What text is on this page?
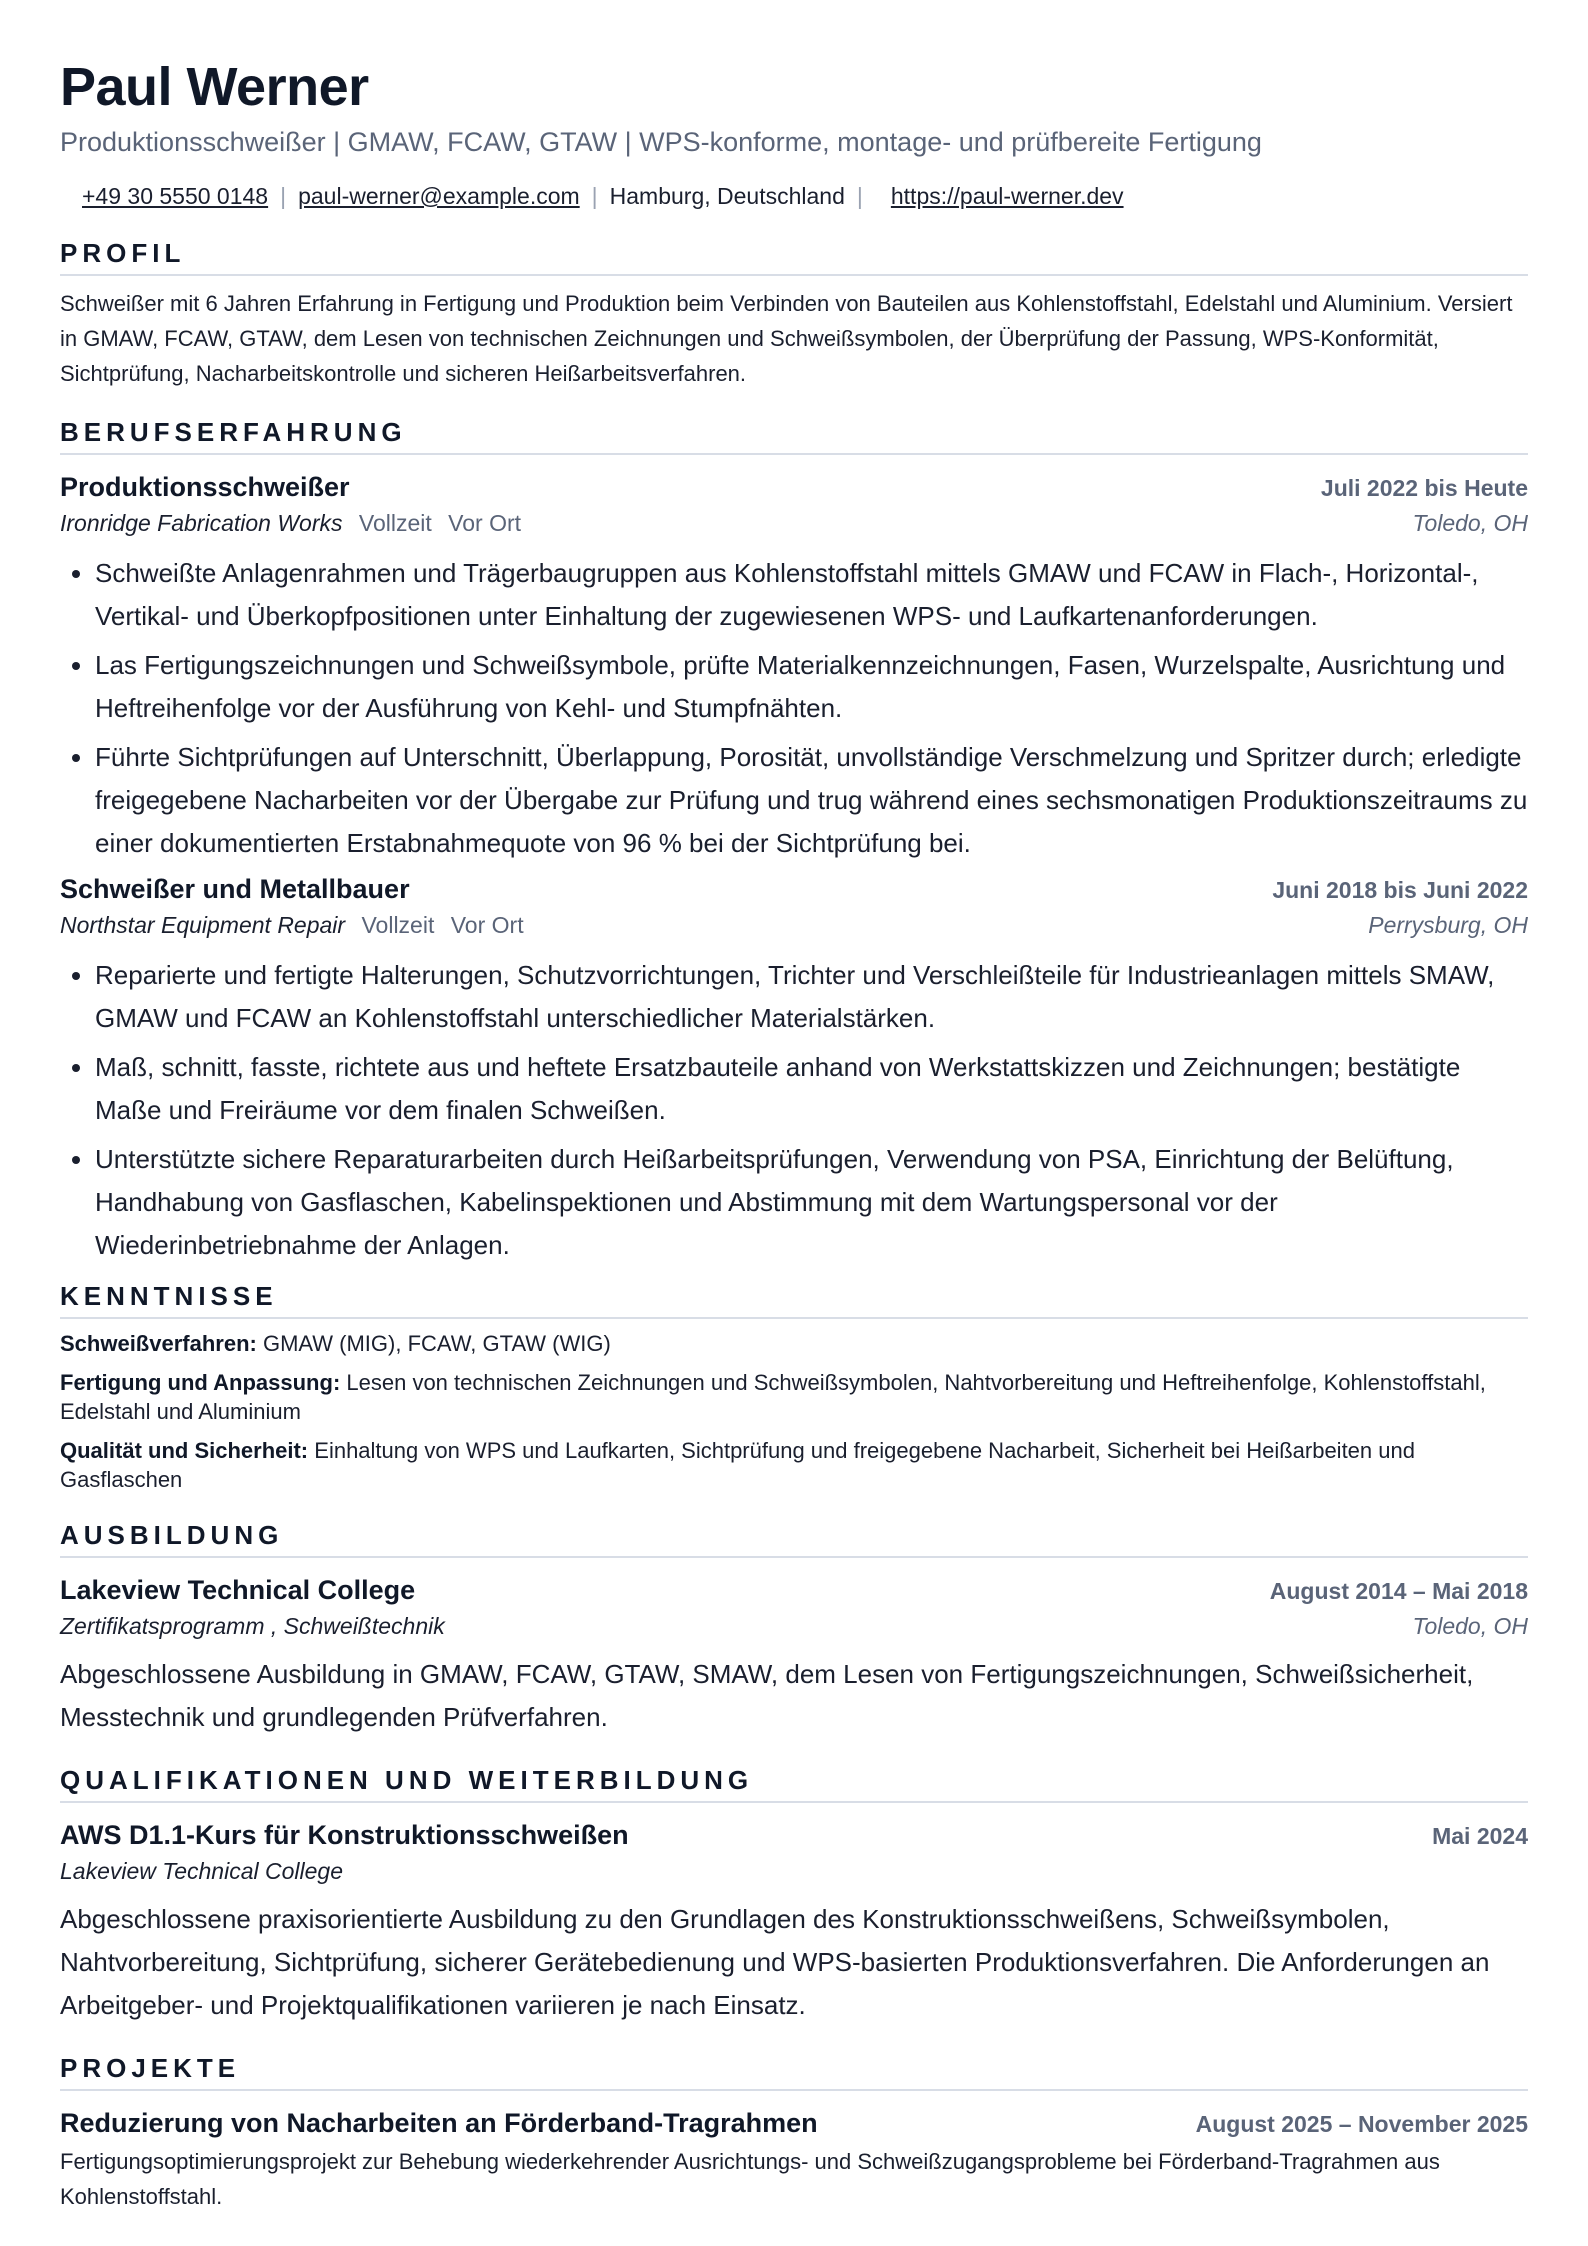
Paul Werner
Produktionsschweißer | GMAW, FCAW, GTAW | WPS-konforme, montage- und prüfbereite Fertigung
+49 30 5550 0148 | paul-werner@example.com | Hamburg, Deutschland | https://paul-werner.dev
PROFIL
Schweißer mit 6 Jahren Erfahrung in Fertigung und Produktion beim Verbinden von Bauteilen aus Kohlenstoffstahl, Edelstahl und Aluminium. Versiert in GMAW, FCAW, GTAW, dem Lesen von technischen Zeichnungen und Schweißsymbolen, der Überprüfung der Passung, WPS-Konformität, Sichtprüfung, Nacharbeitskontrolle und sicheren Heißarbeitsverfahren.
BERUFSERFAHRUNG
Produktionsschweißer	Juli 2022 bis Heute
Ironridge Fabrication Works Vollzeit Vor Ort	Toledo, OH
• Schweißte Anlagenrahmen und Trägerbaugruppen aus Kohlenstoffstahl mittels GMAW und FCAW in Flach-, Horizontal-, Vertikal- und Überkopfpositionen unter Einhaltung der zugewiesenen WPS- und Laufkartenanforderungen.
• Las Fertigungszeichnungen und Schweißsymbole, prüfte Materialkennzeichnungen, Fasen, Wurzelspalte, Ausrichtung und Heftreihenfolge vor der Ausführung von Kehl- und Stumpfnähten.
• Führte Sichtprüfungen auf Unterschnitt, Überlappung, Porosität, unvollständige Verschmelzung und Spritzer durch; erledigte freigegebene Nacharbeiten vor der Übergabe zur Prüfung und trug während eines sechsmonatigen Produktionszeitraums zu einer dokumentierten Erstabnahmequote von 96 % bei der Sichtprüfung bei.
Schweißer und Metallbauer	Juni 2018 bis Juni 2022
Northstar Equipment Repair Vollzeit Vor Ort	Perrysburg, OH
• Reparierte und fertigte Halterungen, Schutzvorrichtungen, Trichter und Verschleißteile für Industrieanlagen mittels SMAW, GMAW und FCAW an Kohlenstoffstahl unterschiedlicher Materialstärken.
• Maß, schnitt, fasste, richtete aus und heftete Ersatzbauteile anhand von Werkstattskizzen und Zeichnungen; bestätigte Maße und Freiräume vor dem finalen Schweißen.
• Unterstützte sichere Reparaturarbeiten durch Heißarbeitsprüfungen, Verwendung von PSA, Einrichtung der Belüftung, Handhabung von Gasflaschen, Kabelinspektionen und Abstimmung mit dem Wartungspersonal vor der Wiederinbetriebnahme der Anlagen.
KENNTNISSE
Schweißverfahren: GMAW (MIG), FCAW, GTAW (WIG)
Fertigung und Anpassung: Lesen von technischen Zeichnungen und Schweißsymbolen, Nahtvorbereitung und Heftreihenfolge, Kohlenstoffstahl, Edelstahl und Aluminium
Qualität und Sicherheit: Einhaltung von WPS und Laufkarten, Sichtprüfung und freigegebene Nacharbeit, Sicherheit bei Heißarbeiten und Gasflaschen
AUSBILDUNG
Lakeview Technical College	August 2014 – Mai 2018
Zertifikatsprogramm , Schweißtechnik	Toledo, OH
Abgeschlossene Ausbildung in GMAW, FCAW, GTAW, SMAW, dem Lesen von Fertigungszeichnungen, Schweißsicherheit, Messtechnik und grundlegenden Prüfverfahren.
QUALIFIKATIONEN UND WEITERBILDUNG
AWS D1.1-Kurs für Konstruktionsschweißen	Mai 2024
Lakeview Technical College
Abgeschlossene praxisorientierte Ausbildung zu den Grundlagen des Konstruktionsschweißens, Schweißsymbolen, Nahtvorbereitung, Sichtprüfung, sicherer Gerätebedienung und WPS-basierten Produktionsverfahren. Die Anforderungen an Arbeitgeber- und Projektqualifikationen variieren je nach Einsatz.
PROJEKTE
Reduzierung von Nacharbeiten an Förderband-Tragrahmen	August 2025 – November 2025
Fertigungsoptimierungsprojekt zur Behebung wiederkehrender Ausrichtungs- und Schweißzugangsprobleme bei Förderband-Tragrahmen aus Kohlenstoffstahl.
